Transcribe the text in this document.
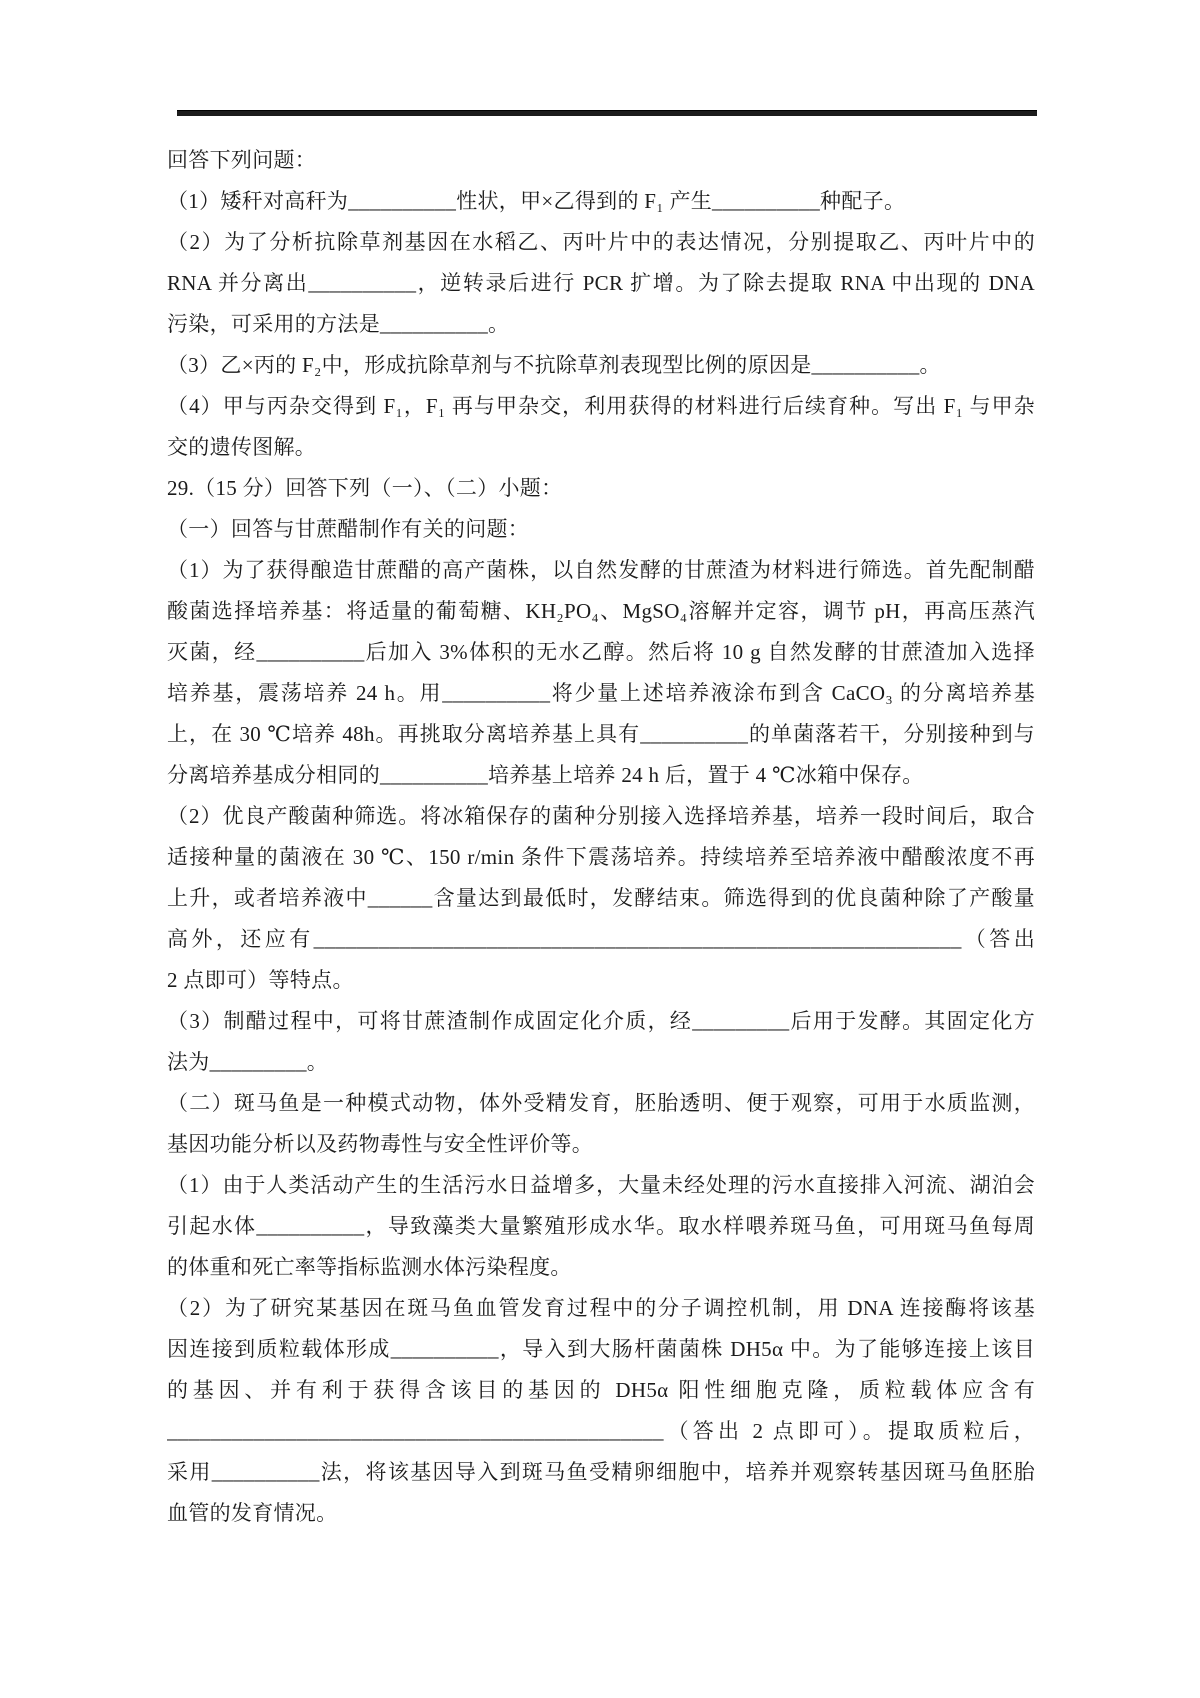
回答下列问题：
（1）矮秆对高秆为__________性状，甲×乙得到的 F₁ 产生__________种配子。
（2）为了分析抗除草剂基因在水稻乙、丙叶片中的表达情况，分别提取乙、丙叶片中的
RNA 并分离出__________，逆转录后进行 PCR 扩增。为了除去提取 RNA 中出现的 DNA
污染，可采用的方法是__________。
（3）乙×丙的 F₂中，形成抗除草剂与不抗除草剂表现型比例的原因是__________。
（4）甲与丙杂交得到 F₁，F₁ 再与甲杂交，利用获得的材料进行后续育种。写出 F₁ 与甲杂
交的遗传图解。
29.（15 分）回答下列（一）、（二）小题：
（一）回答与甘蔗醋制作有关的问题：
（1）为了获得酿造甘蔗醋的高产菌株，以自然发酵的甘蔗渣为材料进行筛选。首先配制醋
酸菌选择培养基：将适量的葡萄糖、KH₂PO₄、MgSO₄溶解并定容，调节 pH，再高压蒸汽
灭菌，经__________后加入 3%体积的无水乙醇。然后将 10 g 自然发酵的甘蔗渣加入选择
培养基，震荡培养 24 h。用__________将少量上述培养液涂布到含 CaCO₃ 的分离培养基
上，在 30 ℃培养 48h。再挑取分离培养基上具有__________的单菌落若干，分别接种到与
分离培养基成分相同的__________培养基上培养 24 h 后，置于 4 ℃冰箱中保存。
（2）优良产酸菌种筛选。将冰箱保存的菌种分别接入选择培养基，培养一段时间后，取合
适接种量的菌液在 30 ℃、150 r/min 条件下震荡培养。持续培养至培养液中醋酸浓度不再
上升，或者培养液中______含量达到最低时，发酵结束。筛选得到的优良菌种除了产酸量
高外，还应有____________________________________________________________（答出
2 点即可）等特点。
（3）制醋过程中，可将甘蔗渣制作成固定化介质，经_________后用于发酵。其固定化方
法为_________。
（二）斑马鱼是一种模式动物，体外受精发育，胚胎透明、便于观察，可用于水质监测，
基因功能分析以及药物毒性与安全性评价等。
（1）由于人类活动产生的生活污水日益增多，大量未经处理的污水直接排入河流、湖泊会
引起水体__________，导致藻类大量繁殖形成水华。取水样喂养斑马鱼，可用斑马鱼每周
的体重和死亡率等指标监测水体污染程度。
（2）为了研究某基因在斑马鱼血管发育过程中的分子调控机制，用 DNA 连接酶将该基
因连接到质粒载体形成__________，导入到大肠杆菌菌株 DH5α 中。为了能够连接上该目
的基因、并有利于获得含该目的基因的 DH5α 阳性细胞克隆，质粒载体应含有
______________________________________________（答出 2 点即可）。提取质粒后，
采用__________法，将该基因导入到斑马鱼受精卵细胞中，培养并观察转基因斑马鱼胚胎
血管的发育情况。
